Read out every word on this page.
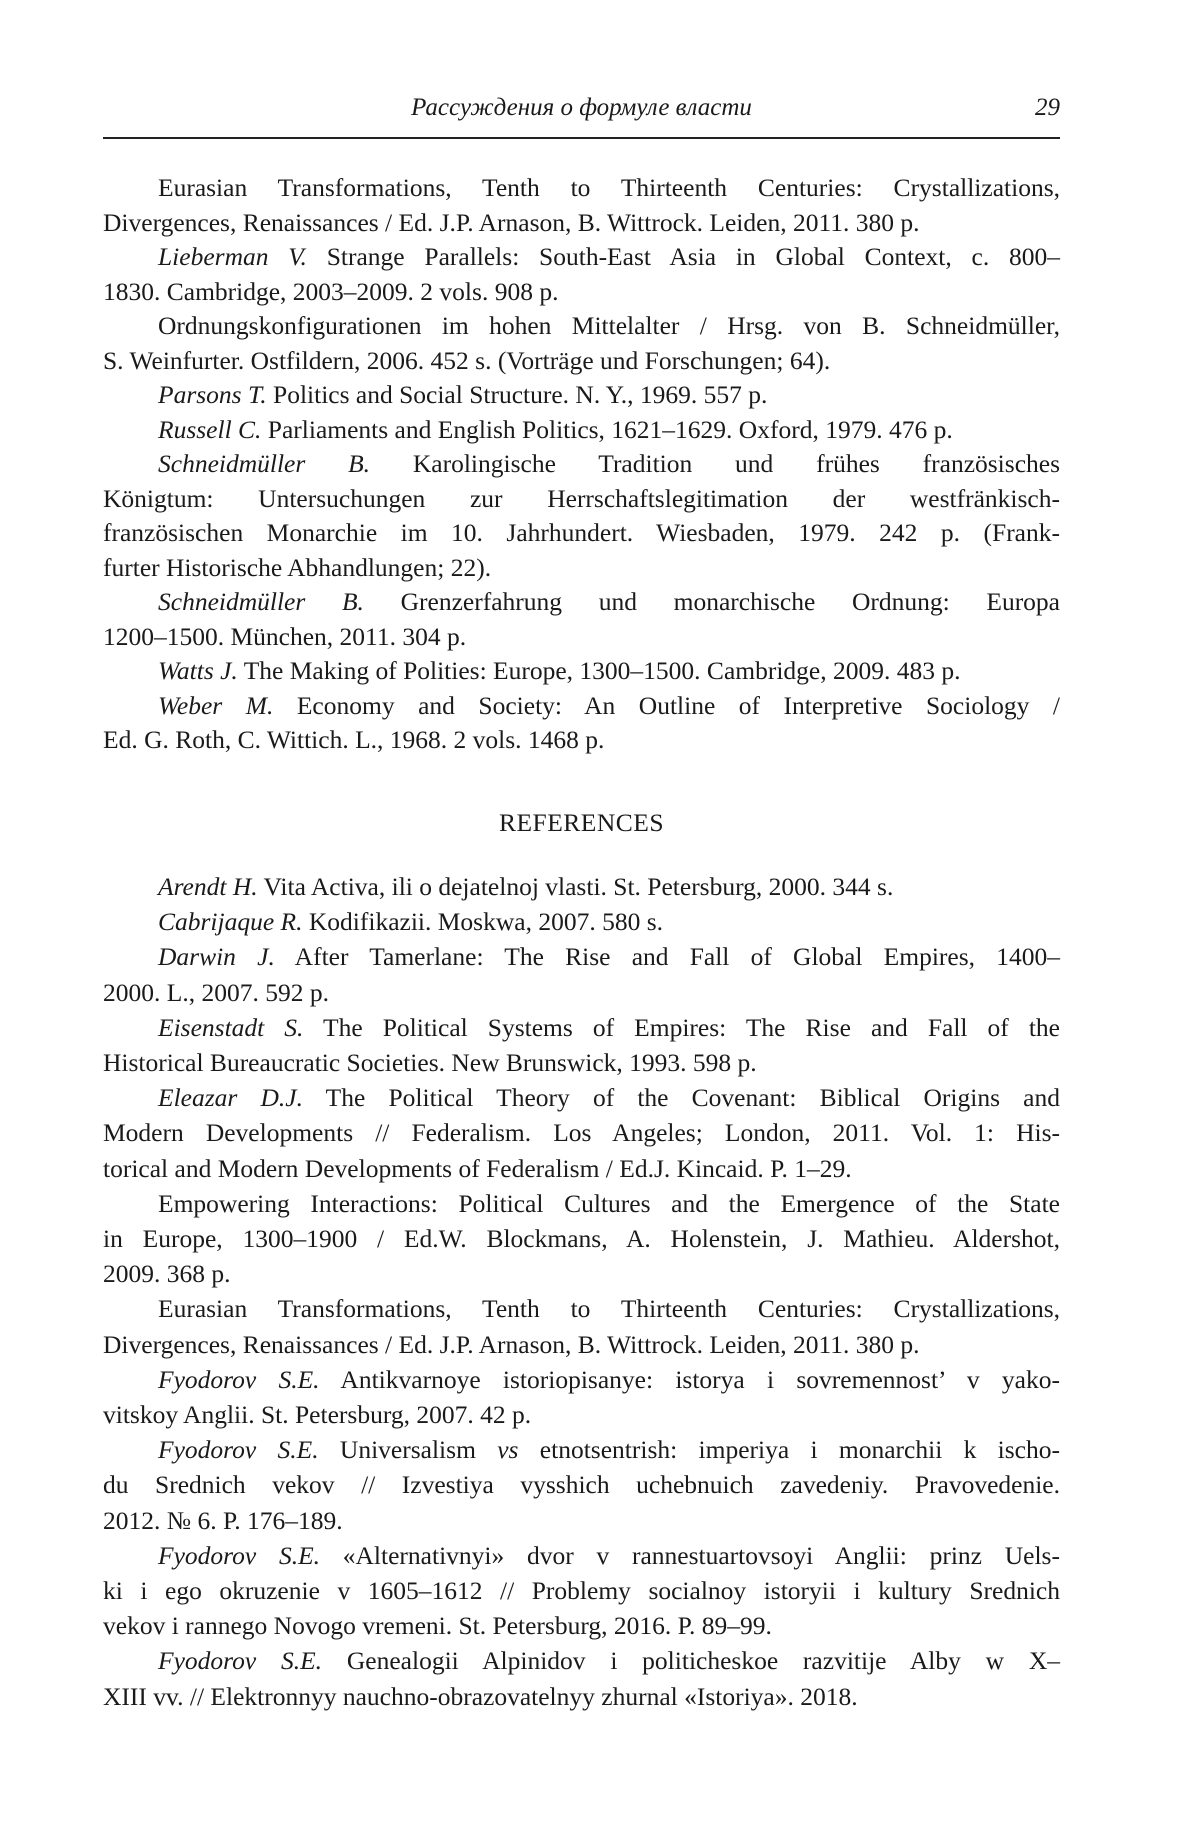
Рассуждения о формуле власти	29
Eurasian Transformations, Tenth to Thirteenth Centuries: Crystallizations,
Divergences, Renaissances / Ed. J.P. Arnason, B. Wittrock. Leiden, 2011. 380 p.
Lieberman V. Strange Parallels: South-East Asia in Global Context, c. 800–
1830. Cambridge, 2003–2009. 2 vols. 908 p.
Ordnungskonfigurationen im hohen Mittelalter / Hrsg. von B. Schneidmüller,
S. Weinfurter. Ostfildern, 2006. 452 s. (Vorträge und Forschungen; 64).
Parsons T. Politics and Social Structure. N. Y., 1969. 557 p.
Russell C. Parliaments and English Politics, 1621–1629. Oxford, 1979. 476 p.
Schneidmüller B. Karolingische Tradition und frühes französisches
Königtum: Untersuchungen zur Herrschaftslegitimation der westfränkisch-
französischen Monarchie im 10. Jahrhundert. Wiesbaden, 1979. 242 p. (Frank-
furter Historische Abhandlungen; 22).
Schneidmüller B. Grenzerfahrung und monarchische Ordnung: Europa
1200–1500. München, 2011. 304 p.
Watts J. The Making of Polities: Europe, 1300–1500. Cambridge, 2009. 483 p.
Weber M. Economy and Society: An Outline of Interpretive Sociology /
Ed. G. Roth, C. Wittich. L., 1968. 2 vols. 1468 p.
REFERENCES
Arendt H. Vita Activa, ili o dejatelnoj vlasti. St. Petersburg, 2000. 344 s.
Cabrijaque R. Kodifikazii. Moskwa, 2007. 580 s.
Darwin J. After Tamerlane: The Rise and Fall of Global Empires, 1400–
2000. L., 2007. 592 p.
Eisenstadt S. The Political Systems of Empires: The Rise and Fall of the
Historical Bureaucratic Societies. New Brunswick, 1993. 598 p.
Eleazar D.J. The Political Theory of the Covenant: Biblical Origins and
Modern Developments // Federalism. Los Angeles; London, 2011. Vol. 1: His-
torical and Modern Developments of Federalism / Ed.J. Kincaid. P. 1–29.
Empowering Interactions: Political Cultures and the Emergence of the State
in Europe, 1300–1900 / Ed.W. Blockmans, A. Holenstein, J. Mathieu. Aldershot,
2009. 368 p.
Eurasian Transformations, Tenth to Thirteenth Centuries: Crystallizations,
Divergences, Renaissances / Ed. J.P. Arnason, B. Wittrock. Leiden, 2011. 380 p.
Fyodorov S.E. Antikvarnoye istoriopisanye: istorya i sovremennost’ v yako-
vitskoy Anglii. St. Petersburg, 2007. 42 p.
Fyodorov S.E. Universalism vs etnotsentrish: imperiya i monarchii k ischo-
du Srednich vekov // Izvestiya vysshich uchebnuich zavedeniy. Pravovedenie.
2012. № 6. P. 176–189.
Fyodorov S.E. «Alternativnyi» dvor v rannestuartovsoyi Anglii: prinz Uels-
ki i ego okruzenie v 1605–1612 // Problemy socialnoy istoryii i kultury Srednich
vekov i rannego Novogo vremeni. St. Petersburg, 2016. P. 89–99.
Fyodorov S.E. Genealogii Alpinidov i politicheskoe razvitije Alby w X–
XIII vv. // Elektronnyy nauchno-obrazovatelnyy zhurnal «Istoriya». 2018.
